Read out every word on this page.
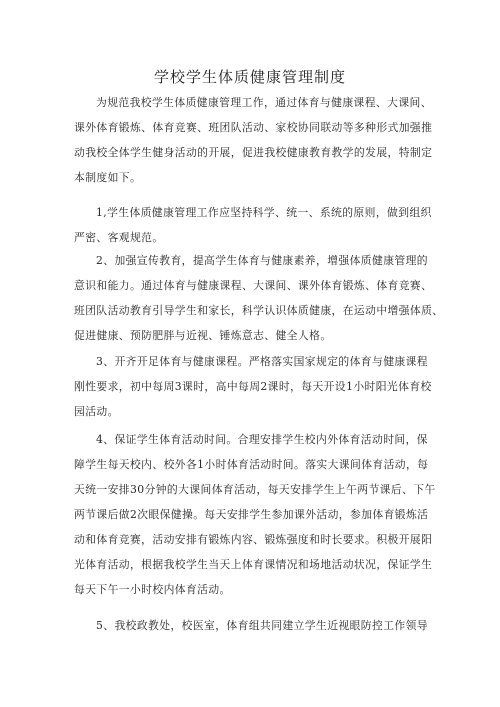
学校学生体质健康管理制度
为规范我校学生体质健康管理工作，通过体育与健康课程、大课间、
课外体育锻炼、体育竞赛、班团队活动、家校协同联动等多种形式加强推
动我校全体学生健身活动的开展，促进我校健康教育教学的发展，特制定
本制度如下。
1,学生体质健康管理工作应坚持科学、统一、系统的原则，做到组织
严密、客观规范。
2、加强宣传教育，提高学生体育与健康素养，增强体质健康管理的
意识和能力。通过体育与健康课程、大课间、课外体育锻炼、体育竞赛、
班团队活动教育引导学生和家长，科学认识体质健康，在运动中增强体质、
促进健康、预防肥胖与近视、锤炼意志、健全人格。
3、开齐开足体育与健康课程。严格落实国家规定的体育与健康课程
刚性要求，初中每周3课时，高中每周2课时，每天开设1小时阳光体育校
园活动。
4、保证学生体育活动时间。合理安排学生校内外体育活动时间，保
障学生每天校内、校外各1小时体育活动时间。落实大课间体育活动，每
天统一安排30分钟的大课间体育活动，每天安排学生上午两节课后、下午
两节课后做2次眼保健操。每天安排学生参加课外活动，参加体育锻炼活
动和体育竞赛，活动安排有锻炼内容、锻炼强度和时长要求。积极开展阳
光体育活动，根据我校学生当天上体育课情况和场地活动状况，保证学生
每天下午一小时校内体育活动。
5、我校政教处，校医室，体育组共同建立学生近视眼防控工作领导
